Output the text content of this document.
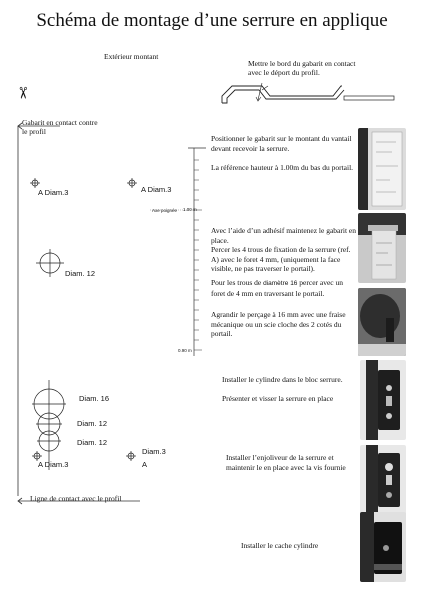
Schéma de montage d’une serrure en applique
Extérieur montant
Mettre le bord du gabarit en contact avec le déport du profil.
✂
Gabarit en contact contre le profil
Ligne de contact avec le profil
Axe poignée 1.00 m
0.90 m
A Diam.3	A Diam.3
Diam. 12
Diam. 16
Diam. 12
Diam. 12
A Diam.3
Diam.3
A
Positionner le gabarit sur le montant du vantail devant recevoir la serrure.
La référence hauteur à 1.00m du bas du portail.
Avec l’aide d’un adhésif maintenez le gabarit en place.
Percer les 4 trous de fixation de la serrure (ref. A) avec le foret 4 mm, (uniquement la face visible, ne pas traverser le portail).
Pour les trous de diamètre 16 percer avec un foret de 4 mm en traversant le portail.
Agrandir le perçage à 16 mm avec une fraise mécanique ou un scie cloche des 2 cotés du portail.
Installer le cylindre dans le bloc serrure.
Présenter et visser la serrure en place
Installer l’enjoliveur de la serrure et maintenir le en place avec la vis fournie
Installer le cache cylindre
